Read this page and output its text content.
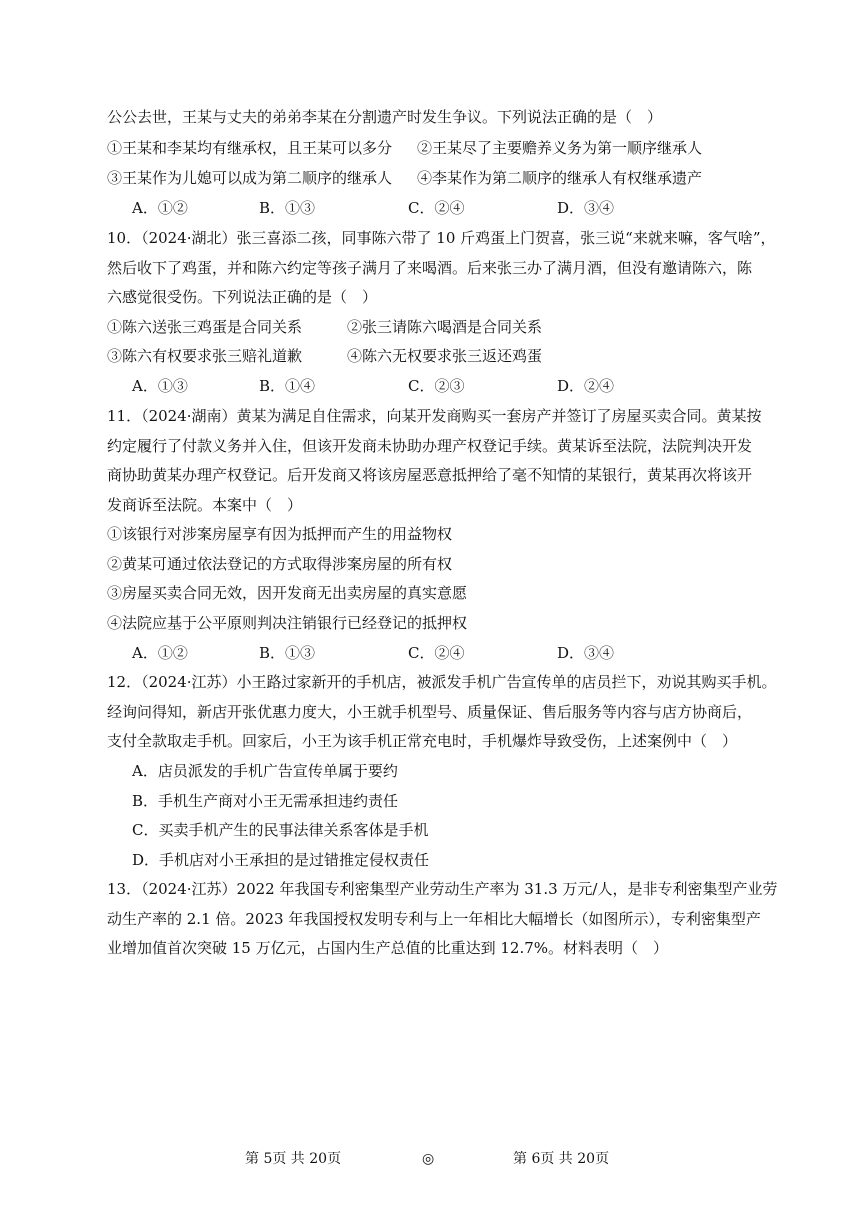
公公去世，王某与丈夫的弟弟李某在分割遗产时发生争议。下列说法正确的是（　）
①王某和李某均有继承权，且王某可以多分 ②王某尽了主要赡养义务为第一顺序继承人
③王某作为儿媳可以成为第二顺序的继承人 ④李某作为第二顺序的继承人有权继承遗产
A．①②	B．①③	C．②④	D．③④
10．（2024·湖北）张三喜添二孩，同事陈六带了 10 斤鸡蛋上门贺喜，张三说“来就来嘛，客气啥”，
然后收下了鸡蛋，并和陈六约定等孩子满月了来喝酒。后来张三办了满月酒，但没有邀请陈六，陈
六感觉很受伤。下列说法正确的是（　）
①陈六送张三鸡蛋是合同关系	②张三请陈六喝酒是合同关系
③陈六有权要求张三赔礼道歉	④陈六无权要求张三返还鸡蛋
A．①③	B．①④	C．②③	D．②④
11．（2024·湖南）黄某为满足自住需求，向某开发商购买一套房产并签订了房屋买卖合同。黄某按
约定履行了付款义务并入住，但该开发商未协助办理产权登记手续。黄某诉至法院，法院判决开发
商协助黄某办理产权登记。后开发商又将该房屋恶意抵押给了毫不知情的某银行，黄某再次将该开
发商诉至法院。本案中（　）
①该银行对涉案房屋享有因为抵押而产生的用益物权
②黄某可通过依法登记的方式取得涉案房屋的所有权
③房屋买卖合同无效，因开发商无出卖房屋的真实意愿
④法院应基于公平原则判决注销银行已经登记的抵押权
A．①②	B．①③	C．②④	D．③④
12．（2024·江苏）小王路过家新开的手机店，被派发手机广告宣传单的店员拦下，劝说其购买手机。
经询问得知，新店开张优惠力度大，小王就手机型号、质量保证、售后服务等内容与店方协商后，
支付全款取走手机。回家后，小王为该手机正常充电时，手机爆炸导致受伤，上述案例中（　）
A．店员派发的手机广告宣传单属于要约
B．手机生产商对小王无需承担违约责任
C．买卖手机产生的民事法律关系客体是手机
D．手机店对小王承担的是过错推定侵权责任
13．（2024·江苏）2022 年我国专利密集型产业劳动生产率为 31.3 万元/人，是非专利密集型产业劳
动生产率的 2.1 倍。2023 年我国授权发明专利与上一年相比大幅增长（如图所示），专利密集型产
业增加值首次突破 15 万亿元，占国内生产总值的比重达到 12.7%。材料表明（　）
第 5页 共 20页	◎	第 6页 共 20页
